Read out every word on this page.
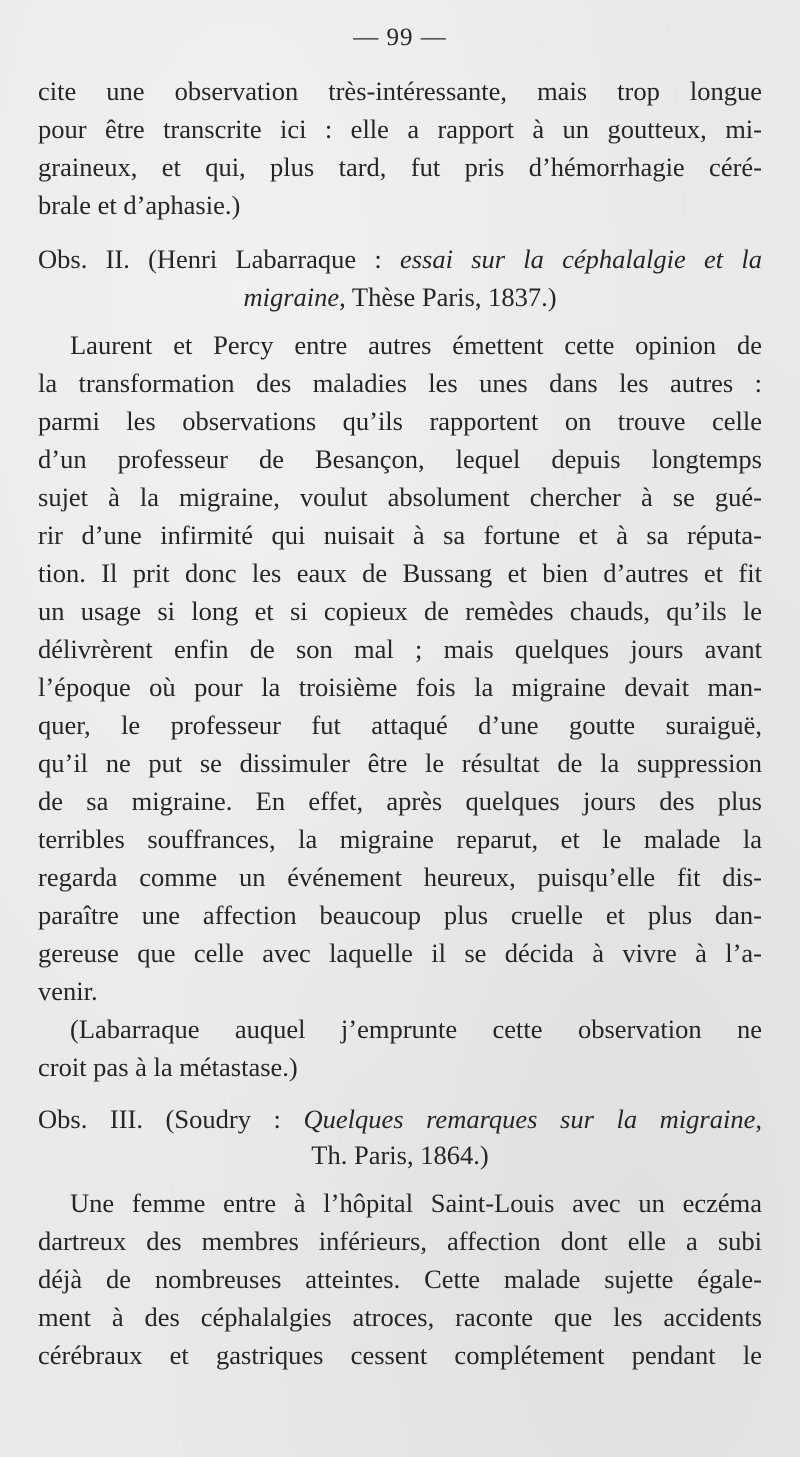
— 99 —
cite une observation très-intéressante, mais trop longue
pour être transcrite ici : elle a rapport à un goutteux, mi-
graineux, et qui, plus tard, fut pris d’hémorrhagie céré-
brale et d’aphasie.)
Obs. II. (Henri Labarraque : essai sur la céphalalgie et la
migraine, Thèse Paris, 1837.)
Laurent et Percy entre autres émettent cette opinion de
la transformation des maladies les unes dans les autres :
parmi les observations qu’ils rapportent on trouve celle
d’un professeur de Besançon, lequel depuis longtemps
sujet à la migraine, voulut absolument chercher à se gué-
rir d’une infirmité qui nuisait à sa fortune et à sa réputa-
tion. Il prit donc les eaux de Bussang et bien d’autres et fit
un usage si long et si copieux de remèdes chauds, qu’ils le
délivrèrent enfin de son mal ; mais quelques jours avant
l’époque où pour la troisième fois la migraine devait man-
quer, le professeur fut attaqué d’une goutte suraiguë,
qu’il ne put se dissimuler être le résultat de la suppression
de sa migraine. En effet, après quelques jours des plus
terribles souffrances, la migraine reparut, et le malade la
regarda comme un événement heureux, puisqu’elle fit dis-
paraître une affection beaucoup plus cruelle et plus dan-
gereuse que celle avec laquelle il se décida à vivre à l’a-
venir.
(Labarraque auquel j’emprunte cette observation ne
croit pas à la métastase.)
Obs. III. (Soudry : Quelques remarques sur la migraine,
Th. Paris, 1864.)
Une femme entre à l’hôpital Saint-Louis avec un eczéma
dartreux des membres inférieurs, affection dont elle a subi
déjà de nombreuses atteintes. Cette malade sujette égale-
ment à des céphalalgies atroces, raconte que les accidents
cérébraux et gastriques cessent complétement pendant le
